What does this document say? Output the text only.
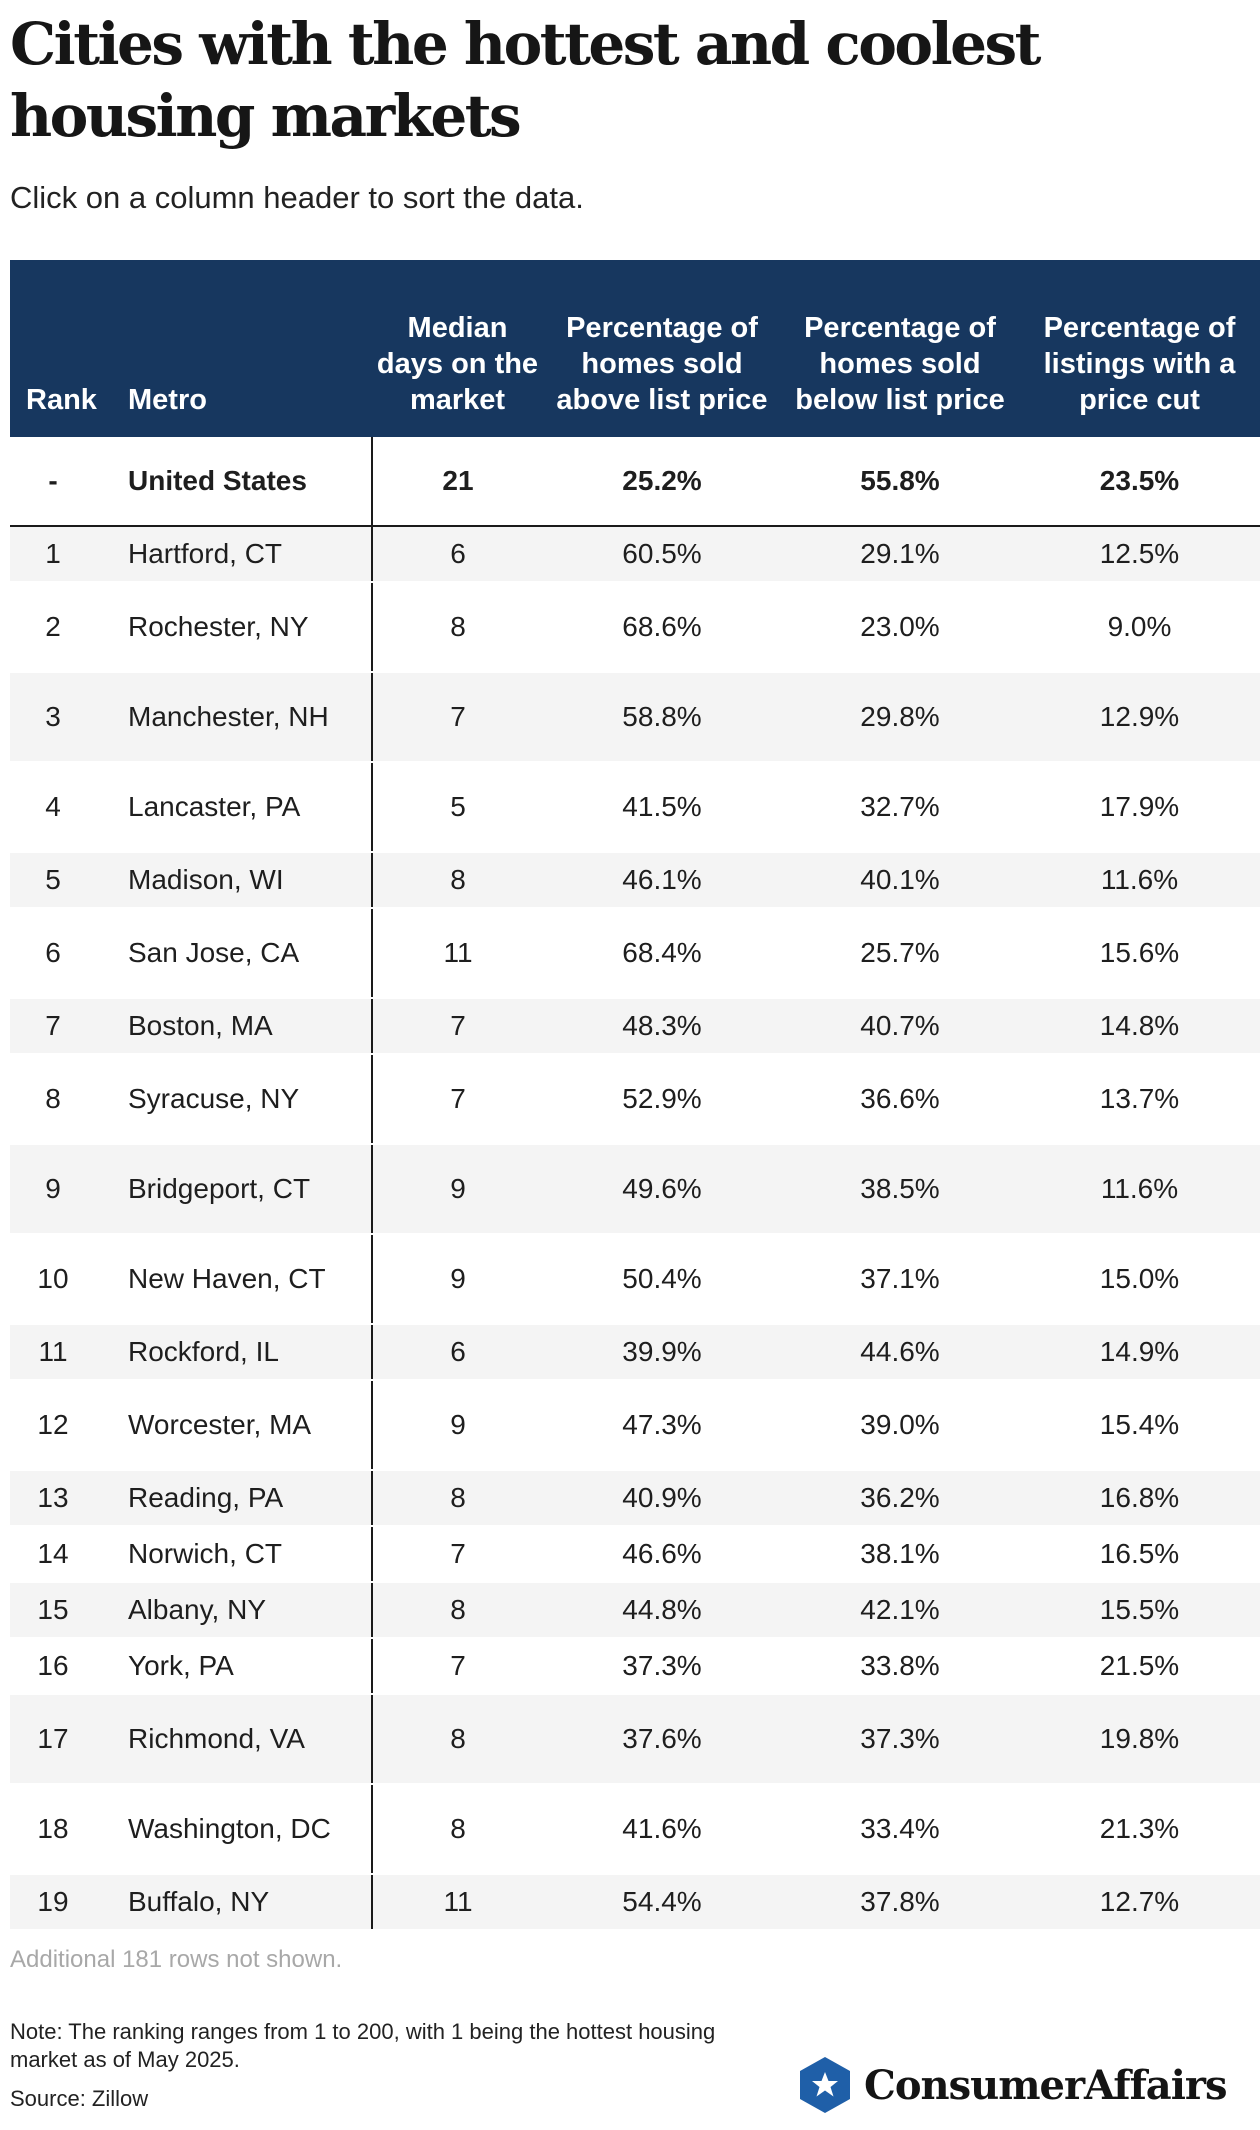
Cities with the hottest and coolest housing markets

Click on a column header to sort the data.

Rank	Metro	Median days on the market	Percentage of homes sold above list price	Percentage of homes sold below list price	Percentage of listings with a price cut
-	United States	21	25.2%	55.8%	23.5%
1	Hartford, CT	6	60.5%	29.1%	12.5%
2	Rochester, NY	8	68.6%	23.0%	9.0%
3	Manchester, NH	7	58.8%	29.8%	12.9%
4	Lancaster, PA	5	41.5%	32.7%	17.9%
5	Madison, WI	8	46.1%	40.1%	11.6%
6	San Jose, CA	11	68.4%	25.7%	15.6%
7	Boston, MA	7	48.3%	40.7%	14.8%
8	Syracuse, NY	7	52.9%	36.6%	13.7%
9	Bridgeport, CT	9	49.6%	38.5%	11.6%
10	New Haven, CT	9	50.4%	37.1%	15.0%
11	Rockford, IL	6	39.9%	44.6%	14.9%
12	Worcester, MA	9	47.3%	39.0%	15.4%
13	Reading, PA	8	40.9%	36.2%	16.8%
14	Norwich, CT	7	46.6%	38.1%	16.5%
15	Albany, NY	8	44.8%	42.1%	15.5%
16	York, PA	7	37.3%	33.8%	21.5%
17	Richmond, VA	8	37.6%	37.3%	19.8%
18	Washington, DC	8	41.6%	33.4%	21.3%
19	Buffalo, NY	11	54.4%	37.8%	12.7%

Additional 181 rows not shown.

Note: The ranking ranges from 1 to 200, with 1 being the hottest housing market as of May 2025.

Source: Zillow	ConsumerAffairs
